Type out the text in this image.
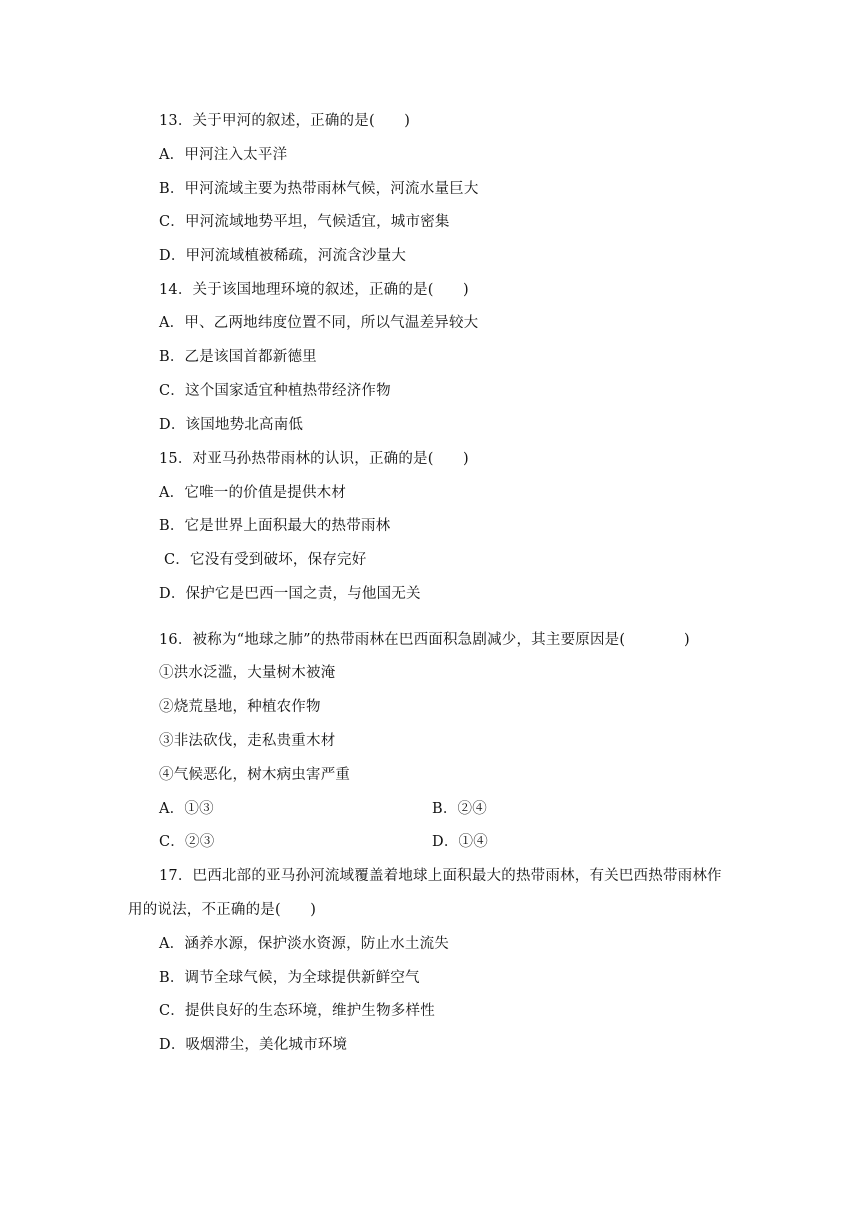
13．关于甲河的叙述，正确的是(　　)
A．甲河注入太平洋
B．甲河流域主要为热带雨林气候，河流水量巨大
C．甲河流域地势平坦，气候适宜，城市密集
D．甲河流域植被稀疏，河流含沙量大
14．关于该国地理环境的叙述，正确的是(　　)
A．甲、乙两地纬度位置不同，所以气温差异较大
B．乙是该国首都新德里
C．这个国家适宜种植热带经济作物
D．该国地势北高南低
15．对亚马孙热带雨林的认识，正确的是(　　)
A．它唯一的价值是提供木材
B．它是世界上面积最大的热带雨林
C．它没有受到破坏，保存完好
D．保护它是巴西一国之责，与他国无关
16．被称为“地球之肺”的热带雨林在巴西面积急剧减少，其主要原因是(　　　　)
①洪水泛滥，大量树木被淹
②烧荒垦地，种植农作物
③非法砍伐，走私贵重木材
④气候恶化，树木病虫害严重
A．①③	B．②④
C．②③	D．①④
17．巴西北部的亚马孙河流域覆盖着地球上面积最大的热带雨林，有关巴西热带雨林作
用的说法，不正确的是(　　)
A．涵养水源，保护淡水资源，防止水土流失
B．调节全球气候，为全球提供新鲜空气
C．提供良好的生态环境，维护生物多样性
D．吸烟滞尘，美化城市环境
